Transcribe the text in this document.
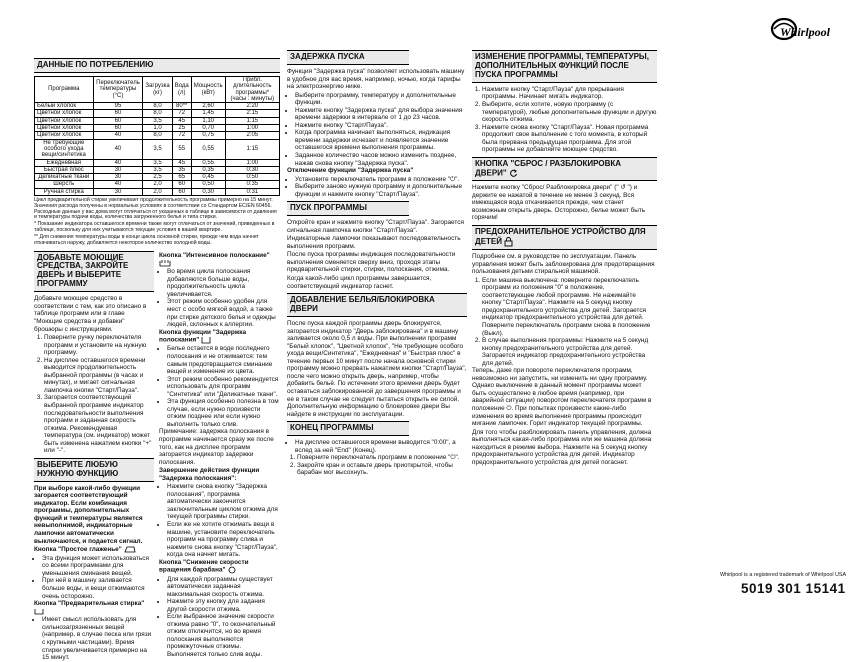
Whirlpool
ДАННЫЕ ПО ПОТРЕБЛЕНИЮ
Программа	Переключатель температуры (°C)	Загрузка (кг)	Вода (л)	Мощность (кВт)	Прибл. длительность программы* (часы : минуты)
Белый хлопок	95	8,0	80**	2,60	2:20
Цветной хлопок	60	8,0	72	1,45	2:15
Цветной хлопок	60	3,5	45	1,10	1:15
Цветной хлопок	60	1,0	25	0,70	1:00
Цветной хлопок	40	8,0	72	0,75	2:05
Не требующие особого ухода вещи/синтетика	40	3,5	55	0,55	1:15
Ежедневная	40	3,5	45	0,55	1:00
Быстрая плюс	30	3,5	35	0,35	0:30
Деликатные ткани	30	2,5	65	0,45	0:50
Шерсть	40	2,0	60	0,50	0:35
Ручная стирка	30	2,0	60	0,30	0:31

Цикл предварительной стирки увеличивает продолжительность программы примерно на 15 минут. Значения расхода получены в нормальных условиях в соответствии со Стандартом EC/EN 60456. Расходные данные у вас дома могут отличаться от указанных в таблице в зависимости от давления и температуры подачи воды, количества загруженного белья и типа стирки.

* Показание индикатора оставшегося времени также могут отличаться от значений, приведенных в таблице, поскольку для них учитываются текущие условия в вашей квартире.

** Для снижения температуры воды в конце цикла основной стирки, прежде чем вода начнет откачиваться наружу, добавляется некоторое количество холодной воды.

ДОБАВЬТЕ МОЮЩИЕ СРЕДСТВА, ЗАКРОЙТЕ ДВЕРЬ И ВЫБЕРИТЕ ПРОГРАММУ

Добавьте моющее средство в соответствии с тем, как это описано в таблице программ или в главе "Моющие средства и добавки" брошюры с инструкциями.

1. Поверните ручку переключателя программ и установите на нужную программу.
2. На дисплее оставшегося времени выводится продолжительность выбранной программы (в часах и минутах), и мигает сигнальная лампочка кнопки "Старт/Пауза".
3. Загорается соответствующий выбранной программе индикатор последовательности выполнения программ и заданная скорость отжима. Рекомендуемая температура (см. индикатор) может быть изменена нажатием кнопки "+" или "-".
ВЫБЕРИТЕ ЛЮБУЮ НУЖНУЮ ФУНКЦИЮ

При выборе какой-либо функции загорается соответствующий индикатор. Если комбинация программы, дополнительных функций и температуры является невыполнимой, индикаторные лампочки автоматически выключаются, и подается сигнал.

Кнопка "Простое глаженье"

• Эта функция может использоваться со всеми программами для уменьшения сминания вещей.
• При ней в машину заливается больше воды, и вещи отжимаются очень осторожно.

Кнопка "Предварительная стирка"

• Имеет смысл использовать для сильнозагрязненных вещей (например, в случае песка или грязи с крупными частицами). Время стирки увеличивается примерно на 15 минут.

Кнопка "Интенсивное полоскание"

• Во время цикла полоскания добавляются больше воды, продолжительность цикла увеличивается.
• Этот режим особенно удобен для мест с особо мягкой водой, а также при стирке детского белья и одежды людей, склонных к аллергии.

Кнопка функции "Задержка полоскания"

• Белье остается в воде последнего полоскания и не отжимается: тем самым предотвращается сминание вещей и изменение их цвета.
• Этот режим особенно рекомендуется использовать для программ "Синтетика" или "Деликатные ткани".
• Эта функция особенно полезна в том случае, если нужно произвести отжим позднее или если нужно выполнить только слив.

Примечание: задержка полоскания в программе начинается сразу же после того, как на дисплее программ загорается индикатор задержки полоскания.

Завершение действия функции "Задержка полоскания":

• Нажмите снова кнопку "Задержка полоскания", программа автоматически закончится заключительным циклом отжима для текущей программы стирки.
• Если же не хотите отжимать вещи в машине, установите переключатель программ на программу слива и нажмите снова кнопку "Старт/Пауза", когда она начнет мигать.

Кнопка "Снижение скорости вращения барабана"

• Для каждой программы существует автоматически заданная максимальная скорость отжима.
• Нажмите эту кнопку для задания другой скорости отжима.
• Если выбранное значение скорости отжима равно "0", то окончательный отжим отключится, но во время полоскания выполняются промежуточные отжимы. Выполняется только слив воды.
ЗАДЕРЖКА ПУСКА

Функция "Задержка пуска" позволяет использовать машину в удобное для вас время, например, ночью, когда тарифы на электроэнергию ниже.

• Выберите программу, температуру и дополнительные функции.
• Нажмите кнопку "Задержка пуска" для выбора значения времени задержки в интервале от 1 до 23 часов.
• Нажмите кнопку "Старт/Пауза".
• Когда программа начинает выполняться, индикация времени задержки исчезает и появляется значение оставшегося времени выполнения программы.
• Заданное количество часов можно изменить позднее, нажав снова кнопку "Задержка пуска".

Отключение функции "Задержка пуска"

• Установите переключатель программ в положение "⏻".
• Выберите заново нужную программу и дополнительные функции и нажмите кнопку "Старт/Пауза".
ПУСК ПРОГРАММЫ

Откройте кран и нажмите кнопку "Старт/Пауза". Загорается сигнальная лампочка кнопки "Старт/Пауза".

Индикаторные лампочки показывают последовательность выполнения программ.

После пуска программы индикация последовательности выполнения сменяется сверху вниз, проходя этапы предварительной стирки, стирки, полоскания, отжима.

Когда какой-либо цикл программы завершается, соответствующий индикатор гаснет.

ДОБАВЛЕНИЕ БЕЛЬЯ/БЛОКИРОВКА ДВЕРИ

После пуска каждой программы дверь блокируется, загорается индикатор "Дверь заблокирована" и в машину заливается около 0,5 л воды. При выполнении программ "Белый хлопок", "Цветной хлопок", "Не требующие особого ухода вещи/Синтетика", "Ежедневная" и "Быстрая плюс" в течение первых 10 минут после начала основной стирки программу можно прервать нажатием кнопки "Старт/Пауза", после чего можно открыть дверь, например, чтобы добавить бельё. По истечении этого времени дверь будет оставаться заблокированной до завершения программы и ее в таком случае не следует пытаться открыть ее силой. Дополнительную информацию о блокировке двери Вы найдете в инструкции по эксплуатации.

КОНЕЦ ПРОГРАММЫ
• На дисплее оставшегося времени выводится "0:00", а вслед за ней "End" (Конец).
1. Поверните переключатель программ в положение "⏻".
2. Закройте кран и оставьте дверь приоткрытой, чтобы барабан мог высохнуть.
ИЗМЕНЕНИЕ ПРОГРАММЫ, ТЕМПЕРАТУРЫ, ДОПОЛНИТЕЛЬНЫХ ФУНКЦИЙ ПОСЛЕ ПУСКА ПРОГРАММЫ
1. Нажмите кнопку "Старт/Пауза" для прерывания программы. Начинает мигать индикатор.
2. Выберите, если хотите, новую программу (с температурой), любые дополнительные функции и другую скорость отжима.
3. Нажмите снова кнопку "Старт/Пауза". Новая программа продолжит свое выполнение с того момента, в который была прервана предыдущая программа. Для этой программы не добавляйте моющее средство.
КНОПКА "СБРОС / РАЗБЛОКИРОВКА ДВЕРИ"

Нажмите кнопку "Сброс/ Разблокировка двери" (" ↺ ") и держите ее нажатой в течение не менее 3 секунд. Вся имеющаяся вода откачивается прежде, чем станет возможным открыть дверь. Осторожно, белье может быть горячим!

ПРЕДОХРАНИТЕЛЬНОЕ УСТРОЙСТВО ДЛЯ ДЕТЕЙ

Подробнее см. в руководстве по эксплуатации. Панель управления может быть заблокирована для предотвращения пользования детьми стиральной машиной.

1. Если машина выключена: поверните переключатель программ из положения "0" в положение, соответствующее любой программе. Не нажимайте кнопку "Старт/Пауза". Нажмите на 5 секунд кнопку предохранительного устройства для детей. Загорается индикатор предохранительного устройства для детей. Поверните переключатель программ снова в положение (Выкл).
2. В случае выполнения программы: Нажмите на 5 секунд кнопку предохранительного устройства для детей. Загорается индикатор предохранительного устройства для детей.

Теперь, даже при повороте переключателя программ, невозможно ни запустить, ни изменить ни одну программу. Однако выключение в данный момент программы может быть осуществлено в любое время (например, при аварийной ситуации) поворотом переключателя программ в положение ⏻. При попытках произвести какие-либо изменения во время выполнения программы происходит мигание лампочек. Горит индикатор текущей программы.

Для того чтобы разблокировать панель управления, должна выполняться какая-либо программа или же машина должна находиться в режиме выбора. Нажмите на 5 секунд кнопку предохранительного устройства для детей. Индикатор предохранительного устройства для детей погаснет.

Whirlpool is a registered trademark of Whirlpool USA
5019 301 15141
